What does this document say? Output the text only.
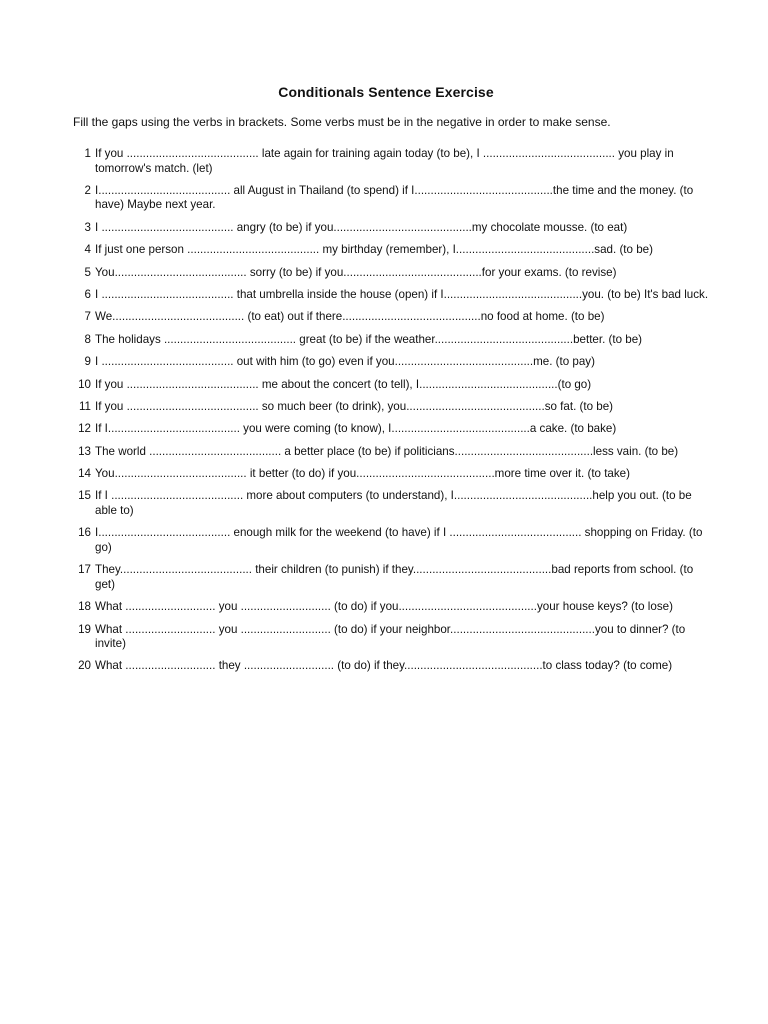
Conditionals Sentence Exercise
Fill the gaps using the verbs in brackets. Some verbs must be in the negative in order to make sense.
1 If you ......................................... late again for training again today (to be), I ......................................... you play in tomorrow's match. (let)
2 I......................................... all August in Thailand (to spend) if I...........................................the time and the money. (to have) Maybe next year.
3 I ......................................... angry (to be) if you...........................................my chocolate mousse. (to eat)
4 If just one person ......................................... my birthday (remember), I...........................................sad. (to be)
5 You......................................... sorry (to be) if you...........................................for your exams. (to revise)
6 I ......................................... that umbrella inside the house (open) if I...........................................you. (to be) It's bad luck.
7 We......................................... (to eat) out if there...........................................no food at home. (to be)
8 The holidays ......................................... great (to be) if the weather...........................................better. (to be)
9 I ......................................... out with him (to go) even if you...........................................me. (to pay)
10 If you ......................................... me about the concert (to tell), I...........................................(to go)
11 If you ......................................... so much beer (to drink), you...........................................so fat. (to be)
12 If I......................................... you were coming (to know), I...........................................a cake. (to bake)
13 The world ......................................... a better place (to be) if politicians...........................................less vain. (to be)
14 You......................................... it better (to do) if you...........................................more time over it. (to take)
15 If I ......................................... more about computers (to understand), I...........................................help you out. (to be able to)
16 I......................................... enough milk for the weekend (to have) if I ......................................... shopping on Friday. (to go)
17 They......................................... their children (to punish) if they...........................................bad reports from school. (to get)
18 What ............................ you ............................ (to do) if you...........................................your house keys? (to lose)
19 What ............................ you ............................ (to do) if your neighbor.............................................you to dinner? (to invite)
20 What ............................ they ............................ (to do) if they...........................................to class today? (to come)
